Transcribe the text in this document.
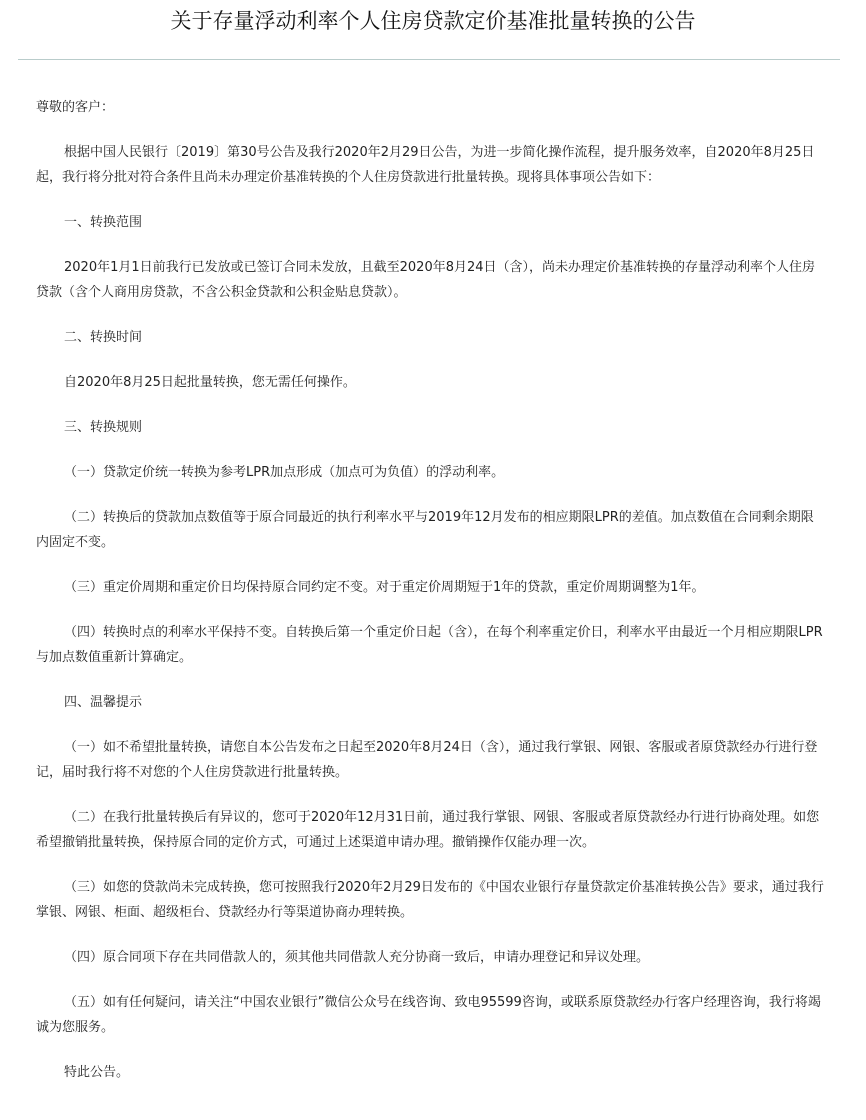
关于存量浮动利率个人住房贷款定价基准批量转换的公告

尊敬的客户：

根据中国人民银行〔2019〕第30号公告及我行2020年2月29日公告，为进一步简化操作流程，提升服务效率，自2020年8月25日起，我行将分批对符合条件且尚未办理定价基准转换的个人住房贷款进行批量转换。现将具体事项公告如下：

一、转换范围

2020年1月1日前我行已发放或已签订合同未发放，且截至2020年8月24日（含），尚未办理定价基准转换的存量浮动利率个人住房贷款（含个人商用房贷款，不含公积金贷款和公积金贴息贷款）。

二、转换时间

自2020年8月25日起批量转换，您无需任何操作。

三、转换规则

（一）贷款定价统一转换为参考LPR加点形成（加点可为负值）的浮动利率。

（二）转换后的贷款加点数值等于原合同最近的执行利率水平与2019年12月发布的相应期限LPR的差值。加点数值在合同剩余期限内固定不变。

（三）重定价周期和重定价日均保持原合同约定不变。对于重定价周期短于1年的贷款，重定价周期调整为1年。

（四）转换时点的利率水平保持不变。自转换后第一个重定价日起（含），在每个利率重定价日，利率水平由最近一个月相应期限LPR与加点数值重新计算确定。

四、温馨提示

（一）如不希望批量转换，请您自本公告发布之日起至2020年8月24日（含），通过我行掌银、网银、客服或者原贷款经办行进行登记，届时我行将不对您的个人住房贷款进行批量转换。

（二）在我行批量转换后有异议的，您可于2020年12月31日前，通过我行掌银、网银、客服或者原贷款经办行进行协商处理。如您希望撤销批量转换，保持原合同的定价方式，可通过上述渠道申请办理。撤销操作仅能办理一次。

（三）如您的贷款尚未完成转换，您可按照我行2020年2月29日发布的《中国农业银行存量贷款定价基准转换公告》要求，通过我行掌银、网银、柜面、超级柜台、贷款经办行等渠道协商办理转换。

（四）原合同项下存在共同借款人的，须其他共同借款人充分协商一致后，申请办理登记和异议处理。

（五）如有任何疑问，请关注“中国农业银行”微信公众号在线咨询、致电95599咨询，或联系原贷款经办行客户经理咨询，我行将竭诚为您服务。

特此公告。
